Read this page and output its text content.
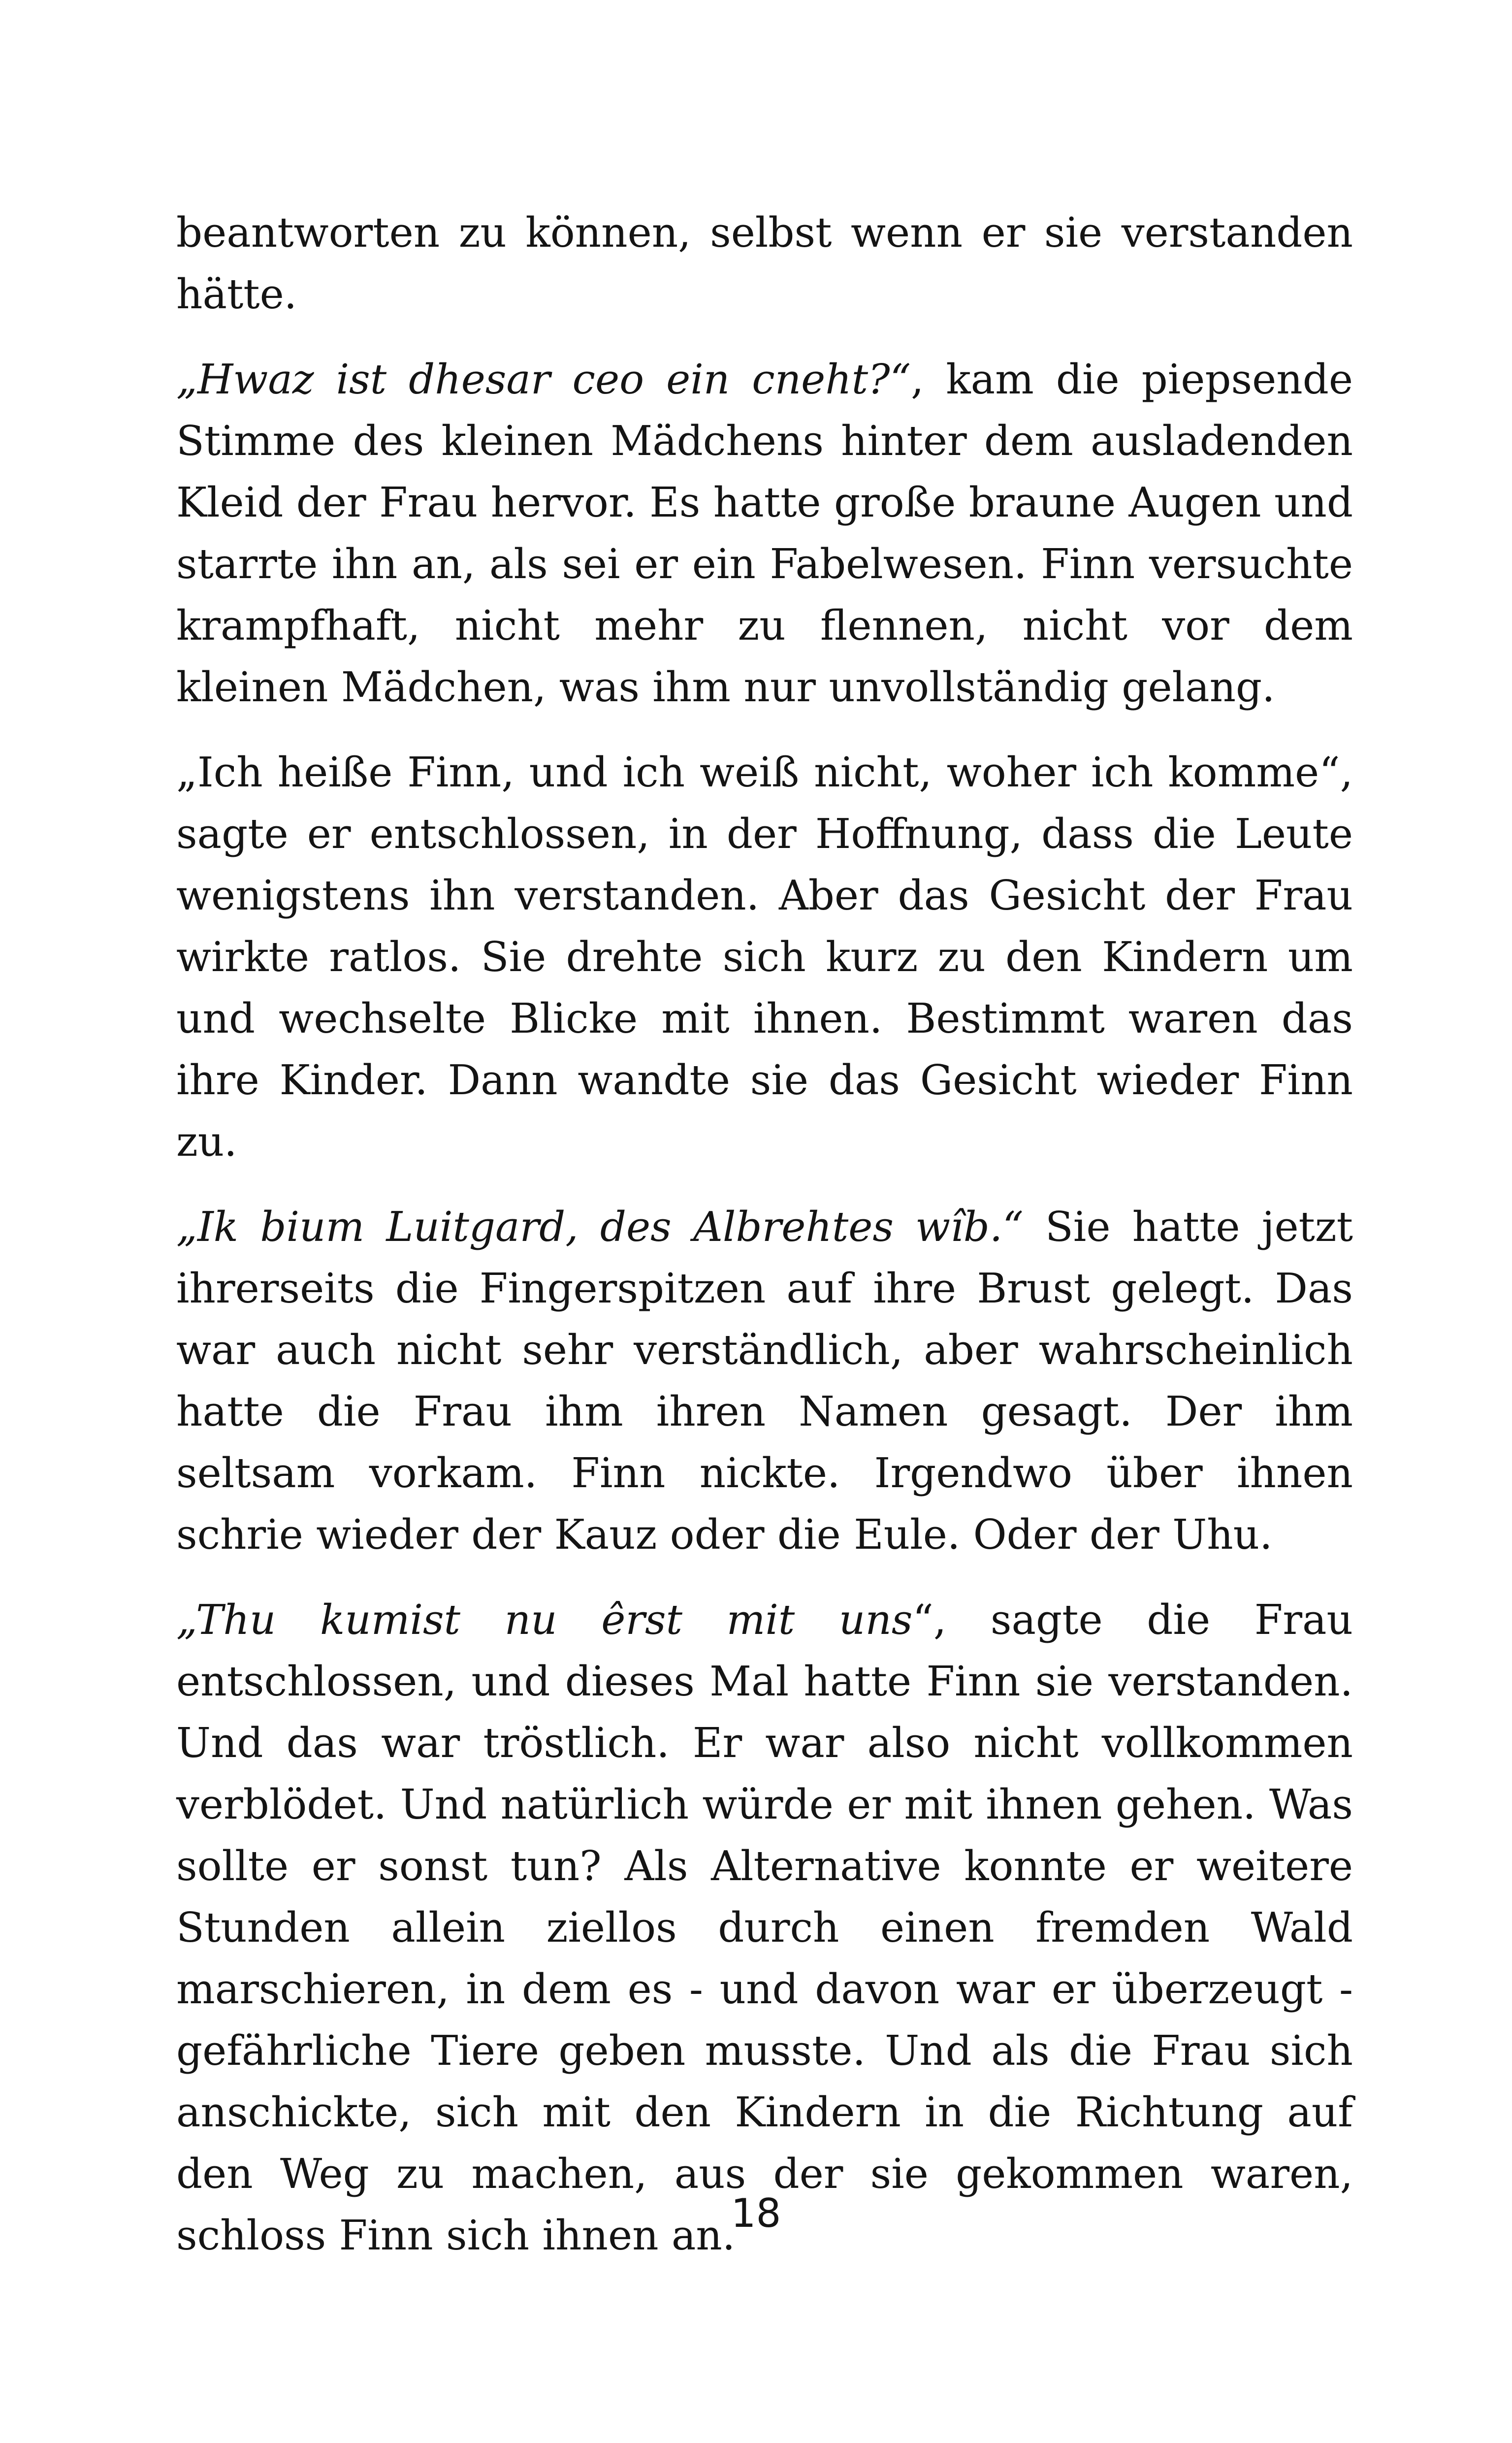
beantworten zu können, selbst wenn er sie verstanden hätte.

„Hwaz ist dhesar ceo ein cneht?“, kam die piepsende Stimme des kleinen Mädchens hinter dem ausladenden Kleid der Frau hervor. Es hatte große braune Augen und starrte ihn an, als sei er ein Fabelwesen. Finn versuchte krampfhaft, nicht mehr zu flennen, nicht vor dem kleinen Mädchen, was ihm nur unvollständig gelang.

„Ich heiße Finn, und ich weiß nicht, woher ich komme“, sagte er entschlossen, in der Hoffnung, dass die Leute wenigstens ihn verstanden. Aber das Gesicht der Frau wirkte ratlos. Sie drehte sich kurz zu den Kindern um und wechselte Blicke mit ihnen. Bestimmt waren das ihre Kinder. Dann wandte sie das Gesicht wieder Finn zu.

„Ik bium Luitgard, des Albrehtes wîb.“ Sie hatte jetzt ihrerseits die Fingerspitzen auf ihre Brust gelegt. Das war auch nicht sehr verständlich, aber wahrscheinlich hatte die Frau ihm ihren Namen gesagt. Der ihm seltsam vorkam. Finn nickte. Irgendwo über ihnen schrie wieder der Kauz oder die Eule. Oder der Uhu.

„Thu kumist nu êrst mit uns“, sagte die Frau entschlossen, und dieses Mal hatte Finn sie verstanden. Und das war tröstlich. Er war also nicht vollkommen verblödet. Und natürlich würde er mit ihnen gehen. Was sollte er sonst tun? Als Alternative konnte er weitere Stunden allein ziellos durch einen fremden Wald marschieren, in dem es - und davon war er überzeugt - gefährliche Tiere geben musste. Und als die Frau sich anschickte, sich mit den Kindern in die Richtung auf den Weg zu machen, aus der sie gekommen waren, schloss Finn sich ihnen an.

18
